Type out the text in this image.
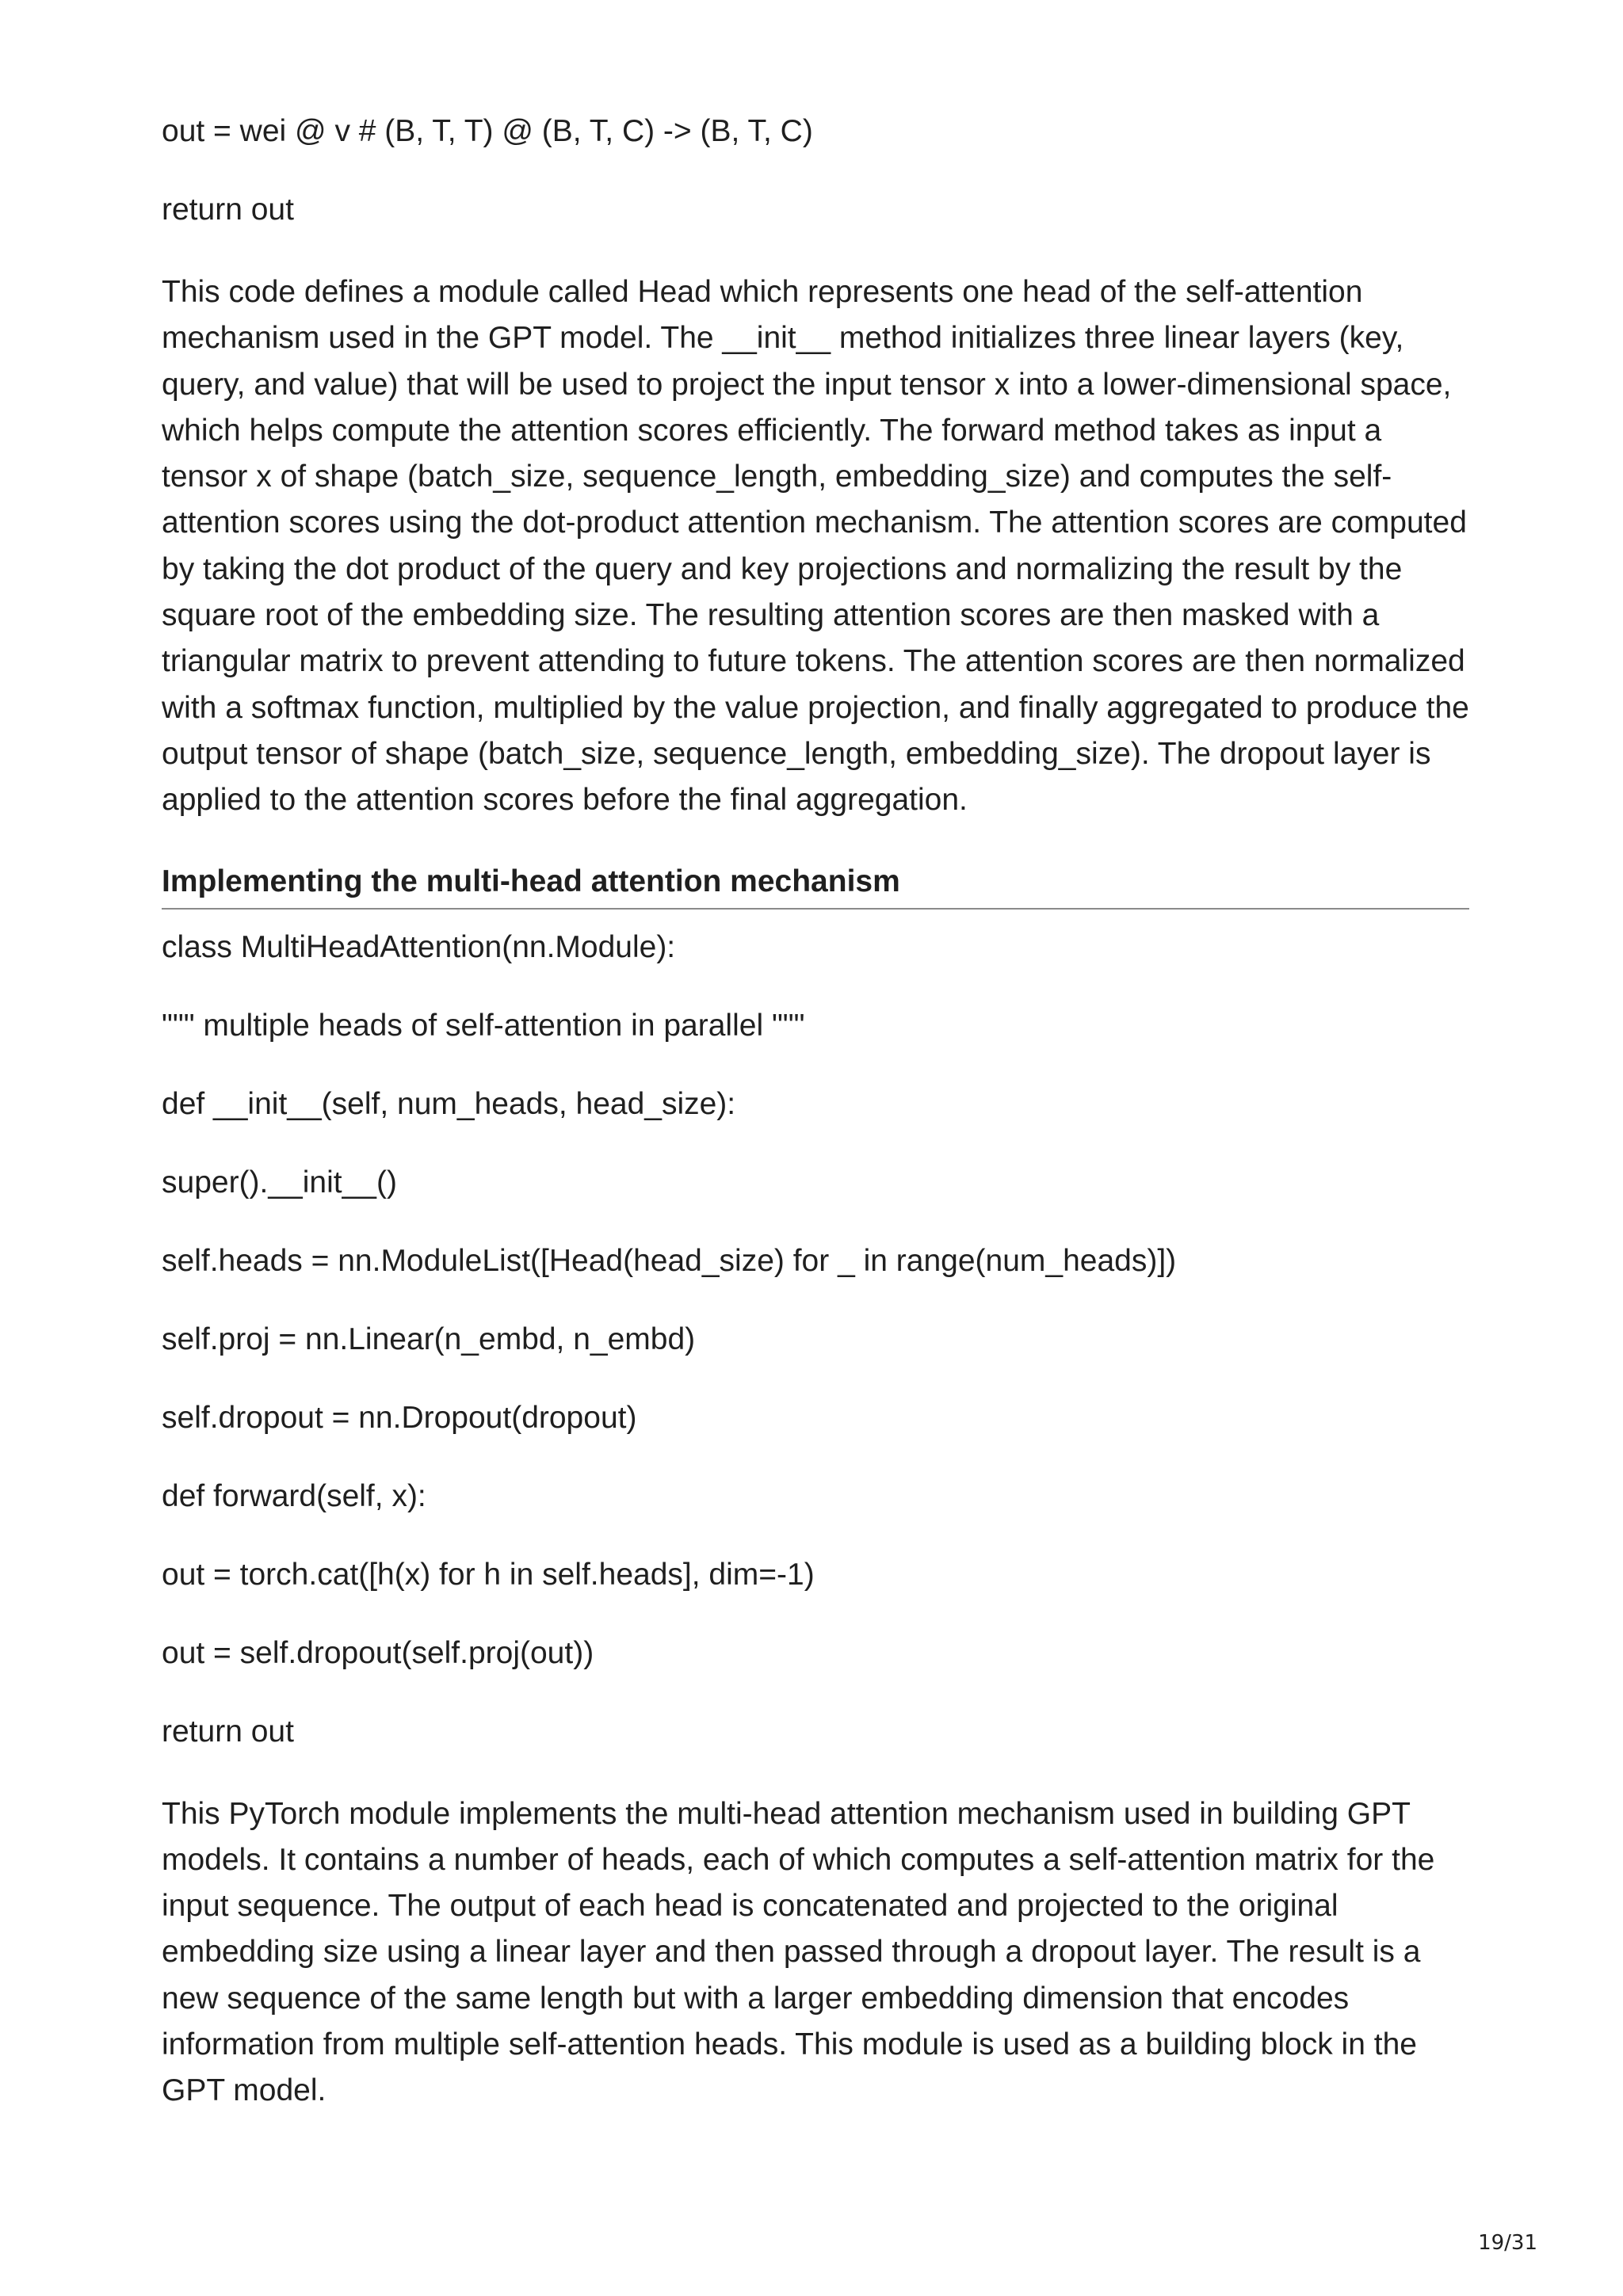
out = wei @ v # (B, T, T) @ (B, T, C) -> (B, T, C)

return out

This code defines a module called Head which represents one head of the self-attention mechanism used in the GPT model. The __init__ method initializes three linear layers (key, query, and value) that will be used to project the input tensor x into a lower-dimensional space, which helps compute the attention scores efficiently. The forward method takes as input a tensor x of shape (batch_size, sequence_length, embedding_size) and computes the self-attention scores using the dot-product attention mechanism. The attention scores are computed by taking the dot product of the query and key projections and normalizing the result by the square root of the embedding size. The resulting attention scores are then masked with a triangular matrix to prevent attending to future tokens. The attention scores are then normalized with a softmax function, multiplied by the value projection, and finally aggregated to produce the output tensor of shape (batch_size, sequence_length, embedding_size). The dropout layer is applied to the attention scores before the final aggregation.

Implementing the multi-head attention mechanism

class MultiHeadAttention(nn.Module):

""" multiple heads of self-attention in parallel """

def __init__(self, num_heads, head_size):

super().__init__()

self.heads = nn.ModuleList([Head(head_size) for _ in range(num_heads)])

self.proj = nn.Linear(n_embd, n_embd)

self.dropout = nn.Dropout(dropout)

def forward(self, x):

out = torch.cat([h(x) for h in self.heads], dim=-1)

out = self.dropout(self.proj(out))

return out

This PyTorch module implements the multi-head attention mechanism used in building GPT models. It contains a number of heads, each of which computes a self-attention matrix for the input sequence. The output of each head is concatenated and projected to the original embedding size using a linear layer and then passed through a dropout layer. The result is a new sequence of the same length but with a larger embedding dimension that encodes information from multiple self-attention heads. This module is used as a building block in the GPT model.

19/31
